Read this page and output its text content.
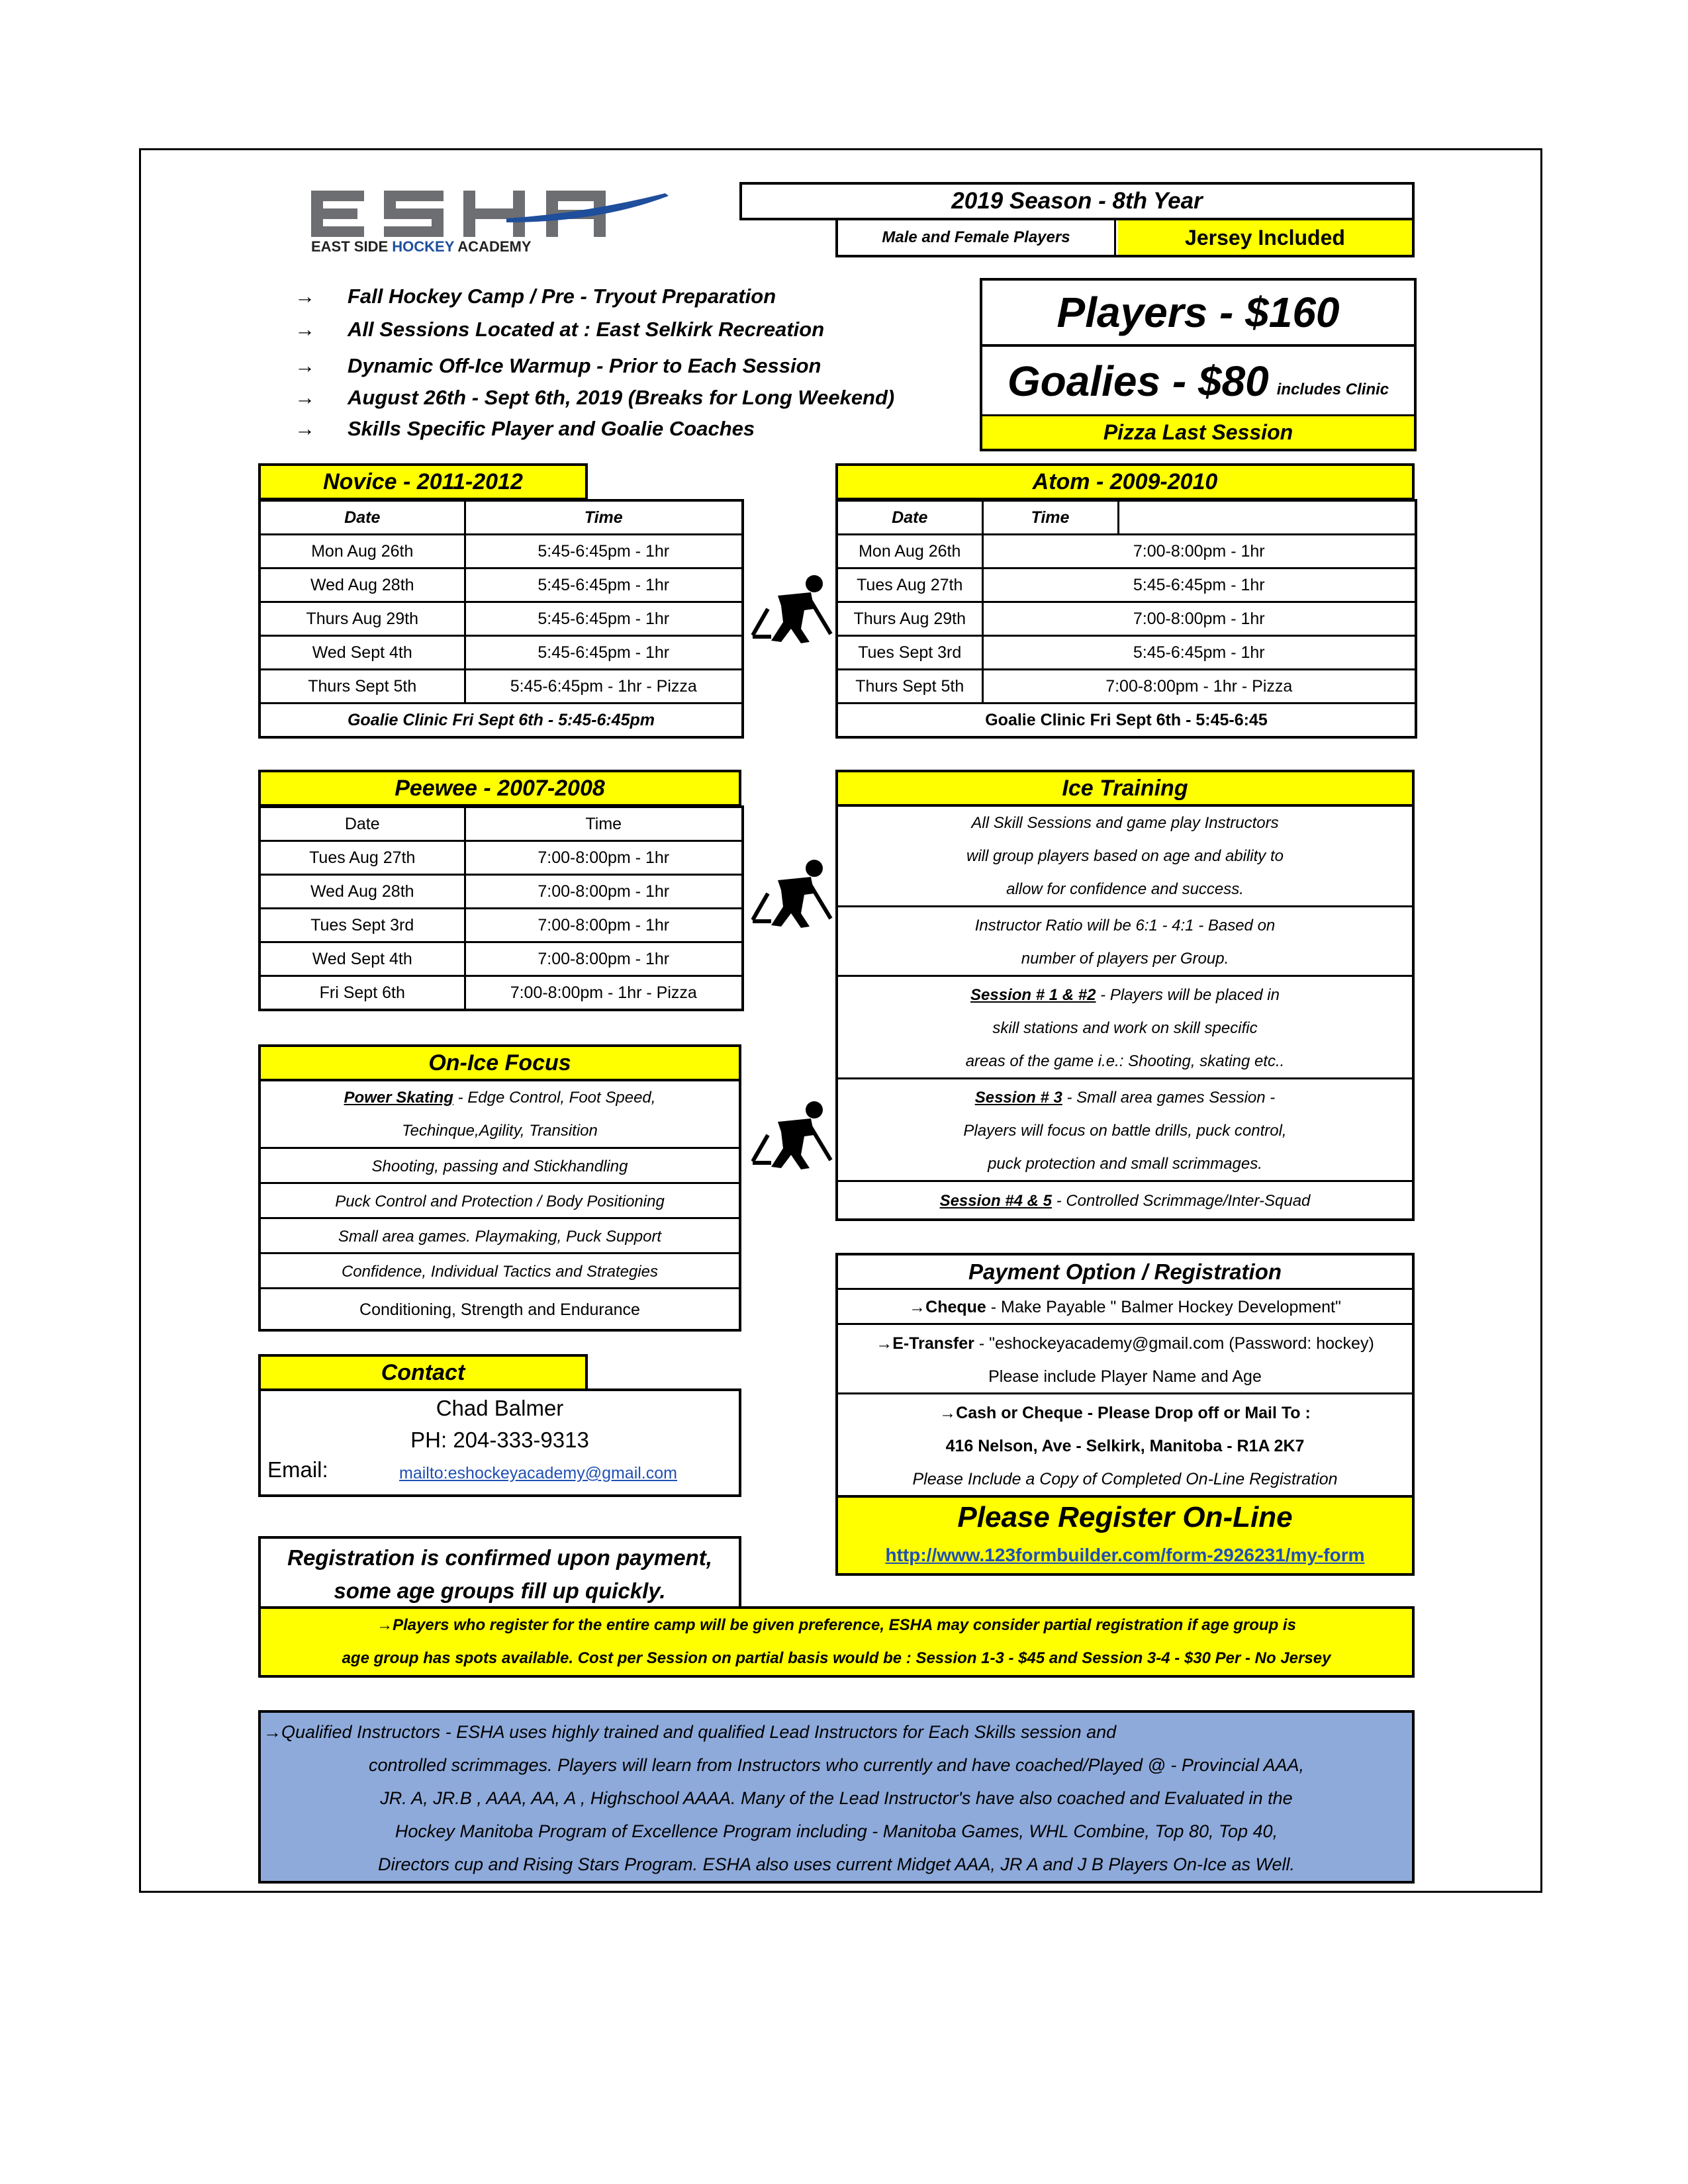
EAST SIDE HOCKEY ACADEMY
2019 Season - 8th Year
Male and Female Players	Jersey Included
→ Fall Hockey Camp / Pre - Tryout Preparation
→ All Sessions Located at : East Selkirk Recreation
→ Dynamic Off-Ice Warmup - Prior to Each Session
→ August 26th - Sept 6th, 2019 (Breaks for Long Weekend)
→ Skills Specific Player and Goalie Coaches
Players - $160
Goalies - $80 includes Clinic
Pizza Last Session
Novice - 2011-2012
Date	Time
Mon Aug 26th	5:45-6:45pm - 1hr
Wed Aug 28th	5:45-6:45pm - 1hr
Thurs Aug 29th	5:45-6:45pm - 1hr
Wed Sept 4th	5:45-6:45pm - 1hr
Thurs Sept 5th	5:45-6:45pm - 1hr - Pizza
Goalie Clinic Fri Sept 6th - 5:45-6:45pm	
Atom - 2009-2010
Date	Time	
Mon Aug 26th	7:00-8:00pm - 1hr	
Tues Aug 27th	5:45-6:45pm - 1hr	
Thurs Aug 29th	7:00-8:00pm - 1hr	
Tues Sept 3rd	5:45-6:45pm - 1hr	
Thurs Sept 5th	7:00-8:00pm - 1hr - Pizza	
Goalie Clinic Fri Sept 6th - 5:45-6:45		
Peewee - 2007-2008
Date	Time
Tues Aug 27th	7:00-8:00pm - 1hr
Wed Aug 28th	7:00-8:00pm - 1hr
Tues Sept 3rd	7:00-8:00pm - 1hr
Wed Sept 4th	7:00-8:00pm - 1hr
Fri Sept 6th	7:00-8:00pm - 1hr - Pizza
Ice Training
All Skill Sessions and game play Instructors
will group players based on age and ability to
allow for confidence and success.
Instructor Ratio will be 6:1 - 4:1 - Based on
number of players per Group.
Session # 1 & #2 - Players will be placed in
skill stations and work on skill specific
areas of the game i.e.: Shooting, skating etc..
Session # 3 - Small area games Session -
Players will focus on battle drills, puck control,
puck protection and small scrimmages.
Session #4 & 5 - Controlled Scrimmage/Inter-Squad
On-Ice Focus
Power Skating - Edge Control, Foot Speed,
Techinque,Agility, Transition
Shooting, passing and Stickhandling
Puck Control and Protection / Body Positioning
Small area games. Playmaking, Puck Support
Confidence, Individual Tactics and Strategies
Conditioning, Strength and Endurance
Payment Option / Registration
→ Cheque - Make Payable " Balmer Hockey Development"
→E-Transfer - "eshockeyacademy@gmail.com (Password: hockey)
Please include Player Name and Age
→Cash or Cheque - Please Drop off or Mail To :
416 Nelson, Ave - Selkirk, Manitoba - R1A 2K7
Please Include a Copy of Completed On-Line Registration
Please Register On-Line
http://www.123formbuilder.com/form-2926231/my-form
Contact
Chad Balmer
PH: 204-333-9313
Email:	mailto:eshockeyacademy@gmail.com
Registration is confirmed upon payment,
some age groups fill up quickly.
→Players who register for the entire camp will be given preference, ESHA may consider partial registration if age group is
age group has spots available. Cost per Session on partial basis would be : Session 1-3 - $45 and Session 3-4 - $30 Per - No Jersey
→Qualified Instructors - ESHA uses highly trained and qualified Lead Instructors for Each Skills session and
controlled scrimmages. Players will learn from Instructors who currently and have coached/Played @ - Provincial AAA,
JR. A, JR.B , AAA, AA, A , Highschool AAAA. Many of the Lead Instructor's have also coached and Evaluated in the
Hockey Manitoba Program of Excellence Program including - Manitoba Games, WHL Combine, Top 80, Top 40,
Directors cup and Rising Stars Program. ESHA also uses current Midget AAA, JR A and J B Players On-Ice as Well.
